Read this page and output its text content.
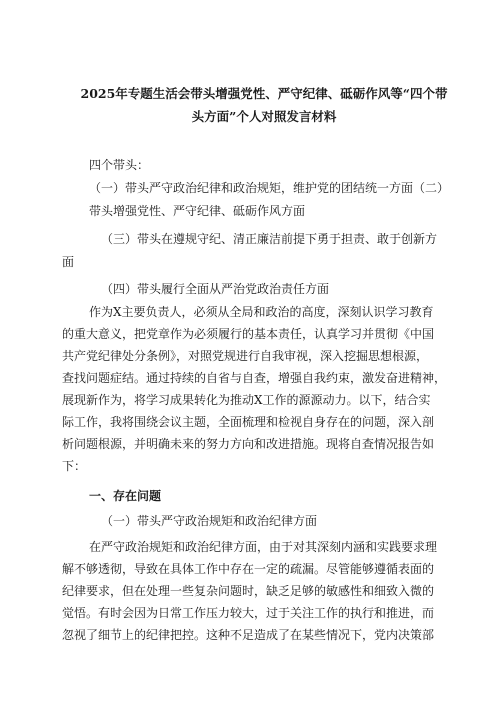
2025年专题生活会带头增强党性、严守纪律、砥砺作风等“四个带
头方面”个人对照发言材料
四个带头：
（一）带头严守政治纪律和政治规矩，维护党的团结统一方面（二）
带头增强党性、严守纪律、砥砺作风方面
（三）带头在遵规守纪、清正廉洁前提下勇于担责、敢于创新方
面
（四）带头履行全面从严治党政治责任方面
作为X主要负责人，必须从全局和政治的高度，深刻认识学习教育
的重大意义，把党章作为必须履行的基本责任，认真学习并贯彻《中国
共产党纪律处分条例》，对照党规进行自我审视，深入挖掘思想根源，
查找问题症结。通过持续的自省与自查，增强自我约束，激发奋进精神，
展现新作为，将学习成果转化为推动X工作的源源动力。以下，结合实
际工作，我将围绕会议主题，全面梳理和检视自身存在的问题，深入剖
析问题根源，并明确未来的努力方向和改进措施。现将自查情况报告如
下：
一、存在问题
（一）带头严守政治规矩和政治纪律方面
在严守政治规矩和政治纪律方面，由于对其深刻内涵和实践要求理
解不够透彻，导致在具体工作中存在一定的疏漏。尽管能够遵循表面的
纪律要求，但在处理一些复杂问题时，缺乏足够的敏感性和细致入微的
觉悟。有时会因为日常工作压力较大，过于关注工作的执行和推进，而
忽视了细节上的纪律把控。这种不足造成了在某些情况下，党内决策部
